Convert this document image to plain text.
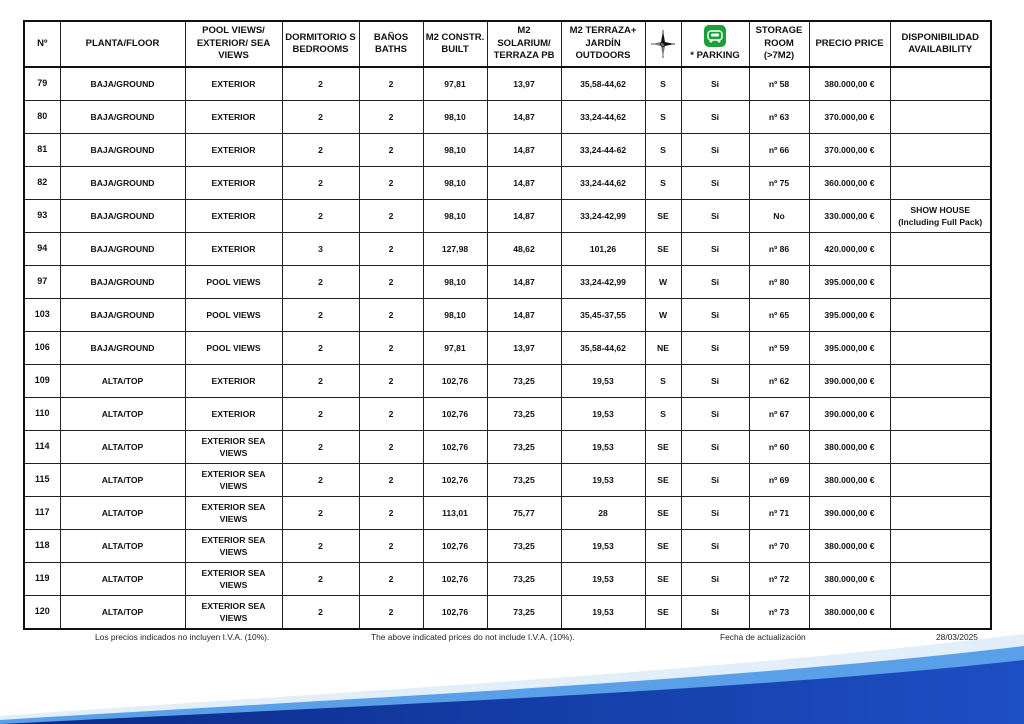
Nº	PLANTA/FLOOR	POOL VIEWS/ EXTERIOR/ SEA VIEWS	DORMITORIO S BEDROOMS	BAÑOS BATHS	M2 CONSTR. BUILT	M2 SOLARIUM/ TERRAZA PB	M2 TERRAZA+ JARDÍN OUTDOORS		* PARKING	STORAGE ROOM (>7M2)	PRECIO PRICE	DISPONIBILIDAD AVAILABILITY
79	BAJA/GROUND	EXTERIOR	2	2	97,81	13,97	35,58-44,62	S	Si	nº 58	380.000,00 €	
80	BAJA/GROUND	EXTERIOR	2	2	98,10	14,87	33,24-44,62	S	Si	nº 63	370.000,00 €	
81	BAJA/GROUND	EXTERIOR	2	2	98,10	14,87	33,24-44-62	S	Si	nº 66	370.000,00 €	
82	BAJA/GROUND	EXTERIOR	2	2	98,10	14,87	33,24-44,62	S	Si	nº 75	360.000,00 €	
93	BAJA/GROUND	EXTERIOR	2	2	98,10	14,87	33,24-42,99	SE	Si	No	330.000,00 €	SHOW HOUSE (Including Full Pack)
94	BAJA/GROUND	EXTERIOR	3	2	127,98	48,62	101,26	SE	Si	nº 86	420.000,00 €	
97	BAJA/GROUND	POOL VIEWS	2	2	98,10	14,87	33,24-42,99	W	Si	nº 80	395.000,00 €	
103	BAJA/GROUND	POOL VIEWS	2	2	98,10	14,87	35,45-37,55	W	Si	nº 65	395.000,00 €	
106	BAJA/GROUND	POOL VIEWS	2	2	97,81	13,97	35,58-44,62	NE	Si	nº 59	395.000,00 €	
109	ALTA/TOP	EXTERIOR	2	2	102,76	73,25	19,53	S	Si	nº 62	390.000,00 €	
110	ALTA/TOP	EXTERIOR	2	2	102,76	73,25	19,53	S	Si	nº 67	390.000,00 €	
114	ALTA/TOP	EXTERIOR SEA VIEWS	2	2	102,76	73,25	19,53	SE	Si	nº 60	380.000,00 €	
115	ALTA/TOP	EXTERIOR SEA VIEWS	2	2	102,76	73,25	19,53	SE	Si	nº 69	380.000,00 €	
117	ALTA/TOP	EXTERIOR SEA VIEWS	2	2	113,01	75,77	28	SE	Si	nº 71	390.000,00 €	
118	ALTA/TOP	EXTERIOR SEA VIEWS	2	2	102,76	73,25	19,53	SE	Si	nº 70	380.000,00 €	
119	ALTA/TOP	EXTERIOR SEA VIEWS	2	2	102,76	73,25	19,53	SE	Si	nº 72	380.000,00 €	
120	ALTA/TOP	EXTERIOR SEA VIEWS	2	2	102,76	73,25	19,53	SE	Si	nº 73	380.000,00 €	
Los precios indicados no incluyen I.V.A. (10%).	The above indicated prices do not include I.V.A. (10%).	Fecha de actualización	28/03/2025
